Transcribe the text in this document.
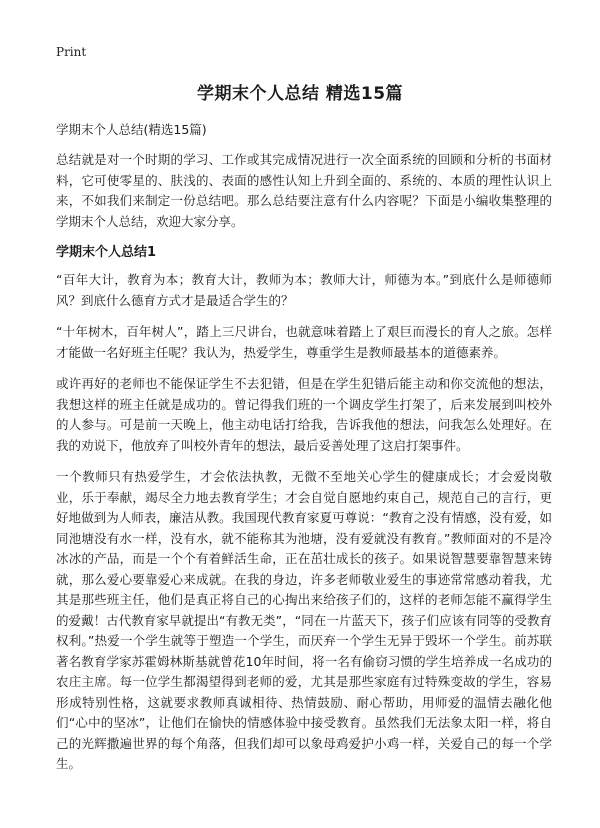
Print
学期末个人总结 精选15篇

学期末个人总结(精选15篇)

总结就是对一个时期的学习、工作或其完成情况进行一次全面系统的回顾和分析的书面材料，它可使零星的、肤浅的、表面的感性认知上升到全面的、系统的、本质的理性认识上来，不如我们来制定一份总结吧。那么总结要注意有什么内容呢？下面是小编收集整理的学期末个人总结，欢迎大家分享。

学期末个人总结1

“百年大计，教育为本；教育大计，教师为本；教师大计，师德为本。”到底什么是师德师风？到底什么德育方式才是最适合学生的？

“十年树木，百年树人”，踏上三尺讲台，也就意味着踏上了艰巨而漫长的育人之旅。怎样才能做一名好班主任呢？我认为，热爱学生，尊重学生是教师最基本的道德素养。

或许再好的老师也不能保证学生不去犯错，但是在学生犯错后能主动和你交流他的想法，我想这样的班主任就是成功的。曾记得我们班的一个调皮学生打架了，后来发展到叫校外的人参与。可是前一天晚上，他主动电话打给我，告诉我他的想法，问我怎么处理好。在我的劝说下，他放弃了叫校外青年的想法，最后妥善处理了这启打架事件。

一个教师只有热爱学生，才会依法执教，无微不至地关心学生的健康成长；才会爱岗敬业，乐于奉献，竭尽全力地去教育学生；才会自觉自愿地约束自己，规范自己的言行，更好地做到为人师表，廉洁从教。我国现代教育家夏丏尊说：“教育之没有情感，没有爱，如同池塘没有水一样，没有水，就不能称其为池塘，没有爱就没有教育。”教师面对的不是冷冰冰的产品，而是一个个有着鲜活生命，正在茁壮成长的孩子。如果说智慧要靠智慧来铸就，那么爱心要靠爱心来成就。在我的身边，许多老师敬业爱生的事迹常常感动着我，尤其是那些班主任，他们是真正将自己的心掏出来给孩子们的，这样的老师怎能不赢得学生的爱戴！古代教育家早就提出“有教无类”，“同在一片蓝天下，孩子们应该有同等的受教育权利。”热爱一个学生就等于塑造一个学生，而厌弃一个学生无异于毁坏一个学生。前苏联著名教育学家苏霍姆林斯基就曾花10年时间，将一名有偷窃习惯的学生培养成一名成功的农庄主席。每一位学生都渴望得到老师的爱，尤其是那些家庭有过特殊变故的学生，容易形成特别性格，这就要求教师真诚相待、热情鼓励、耐心帮助，用师爱的温情去融化他们“心中的坚冰”，让他们在愉快的情感体验中接受教育。虽然我们无法象太阳一样，将自己的光辉撒遍世界的每个角落，但我们却可以象母鸡爱护小鸡一样，关爱自己的每一个学生。
